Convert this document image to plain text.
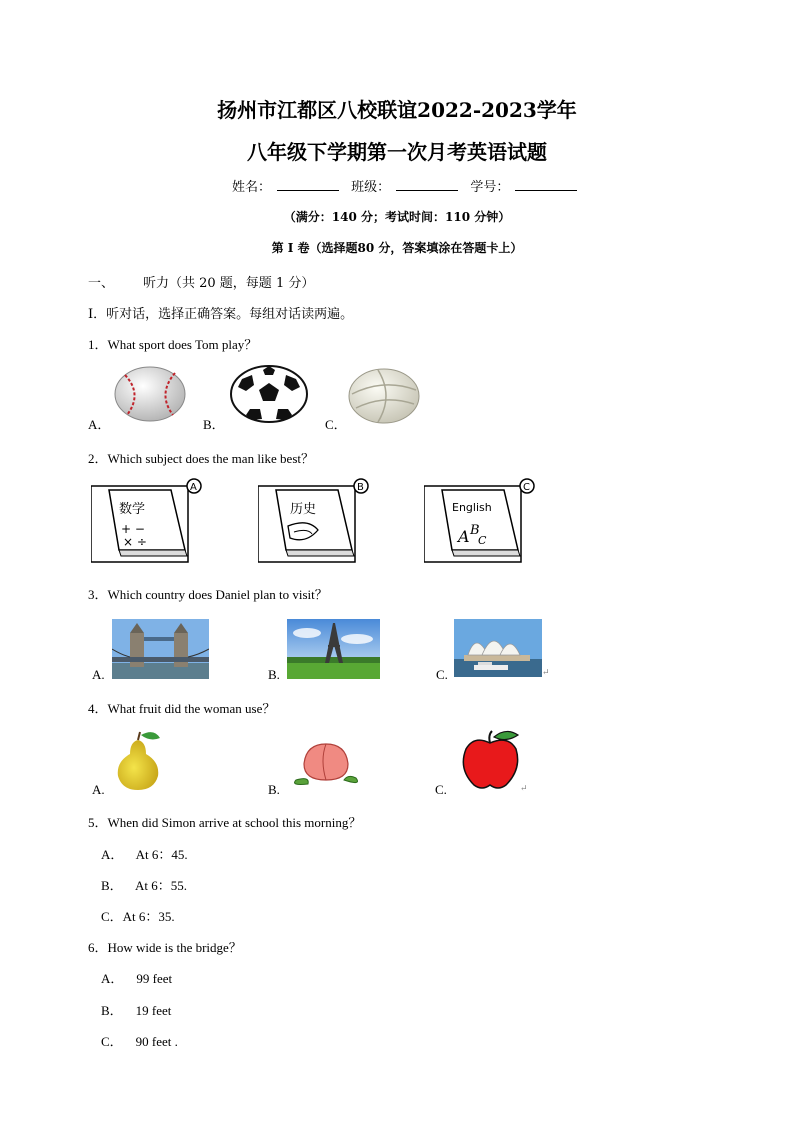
扬州市江都区八校联谊2022-2023学年
八年级下学期第一次月考英语试题
姓名：	班级：	学号：
（满分：140 分；考试时间：110 分钟）
第 I 卷（选择题80 分，答案填涂在答题卡上）
一、 听力（共 20 题，每题 1 分）
I．听对话，选择正确答案。每组对话读两遍。
1．What sport does Tom play？
A．	B．	C．
2．Which subject does the man like best？
数学
+ −
× ÷
A
历史
B
English
A B
C
C
3．Which country does Daniel plan to visit？
A.	B.	C.	↵
4．What fruit did the woman use？
A.	B.	C.	↵
5．When did Simon arrive at school this morning？
A．    At 6：45.
B．    At 6：55.
C．At 6：35.
6．How wide is the bridge？
A．    99 feet
B．    19 feet
C．    90 feet .
